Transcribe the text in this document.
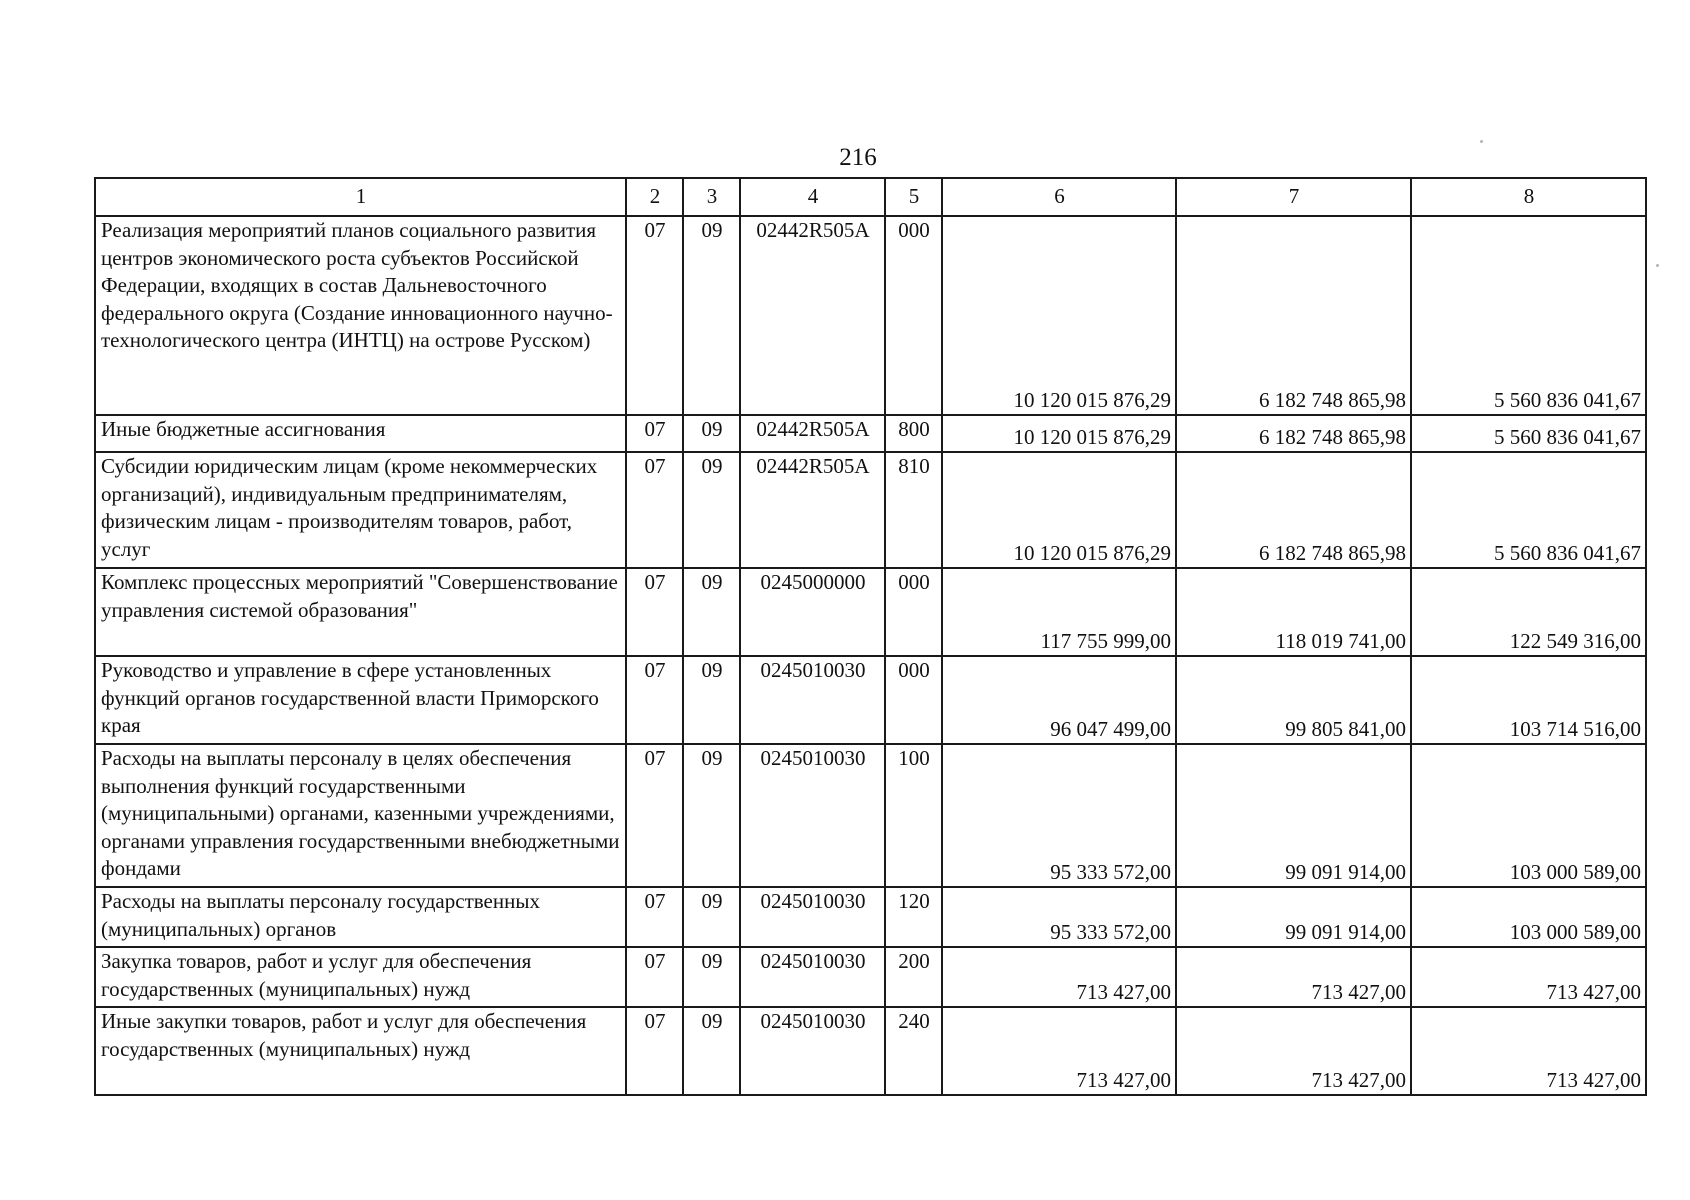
216
1	2	3	4	5	6	7	8
Реализация мероприятий планов социального развития центров экономического роста субъектов Российской Федерации, входящих в состав Дальневосточного федерального округа (Создание инновационного научно-технологического центра (ИНТЦ) на острове Русском)	07	09	02442R505A	000	10 120 015 876,29	6 182 748 865,98	5 560 836 041,67
Иные бюджетные ассигнования	07	09	02442R505A	800	10 120 015 876,29	6 182 748 865,98	5 560 836 041,67
Субсидии юридическим лицам (кроме некоммерческих организаций), индивидуальным предпринимателям, физическим лицам - производителям товаров, работ, услуг	07	09	02442R505A	810	10 120 015 876,29	6 182 748 865,98	5 560 836 041,67
Комплекс процессных мероприятий "Совершенствование управления системой образования"	07	09	0245000000	000	117 755 999,00	118 019 741,00	122 549 316,00
Руководство и управление в сфере установленных функций органов государственной власти Приморского края	07	09	0245010030	000	96 047 499,00	99 805 841,00	103 714 516,00
Расходы на выплаты персоналу в целях обеспечения выполнения функций государственными (муниципальными) органами, казенными учреждениями, органами управления государственными внебюджетными фондами	07	09	0245010030	100	95 333 572,00	99 091 914,00	103 000 589,00
Расходы на выплаты персоналу государственных (муниципальных) органов	07	09	0245010030	120	95 333 572,00	99 091 914,00	103 000 589,00
Закупка товаров, работ и услуг для обеспечения государственных (муниципальных) нужд	07	09	0245010030	200	713 427,00	713 427,00	713 427,00
Иные закупки товаров, работ и услуг для обеспечения государственных (муниципальных) нужд	07	09	0245010030	240	713 427,00	713 427,00	713 427,00
